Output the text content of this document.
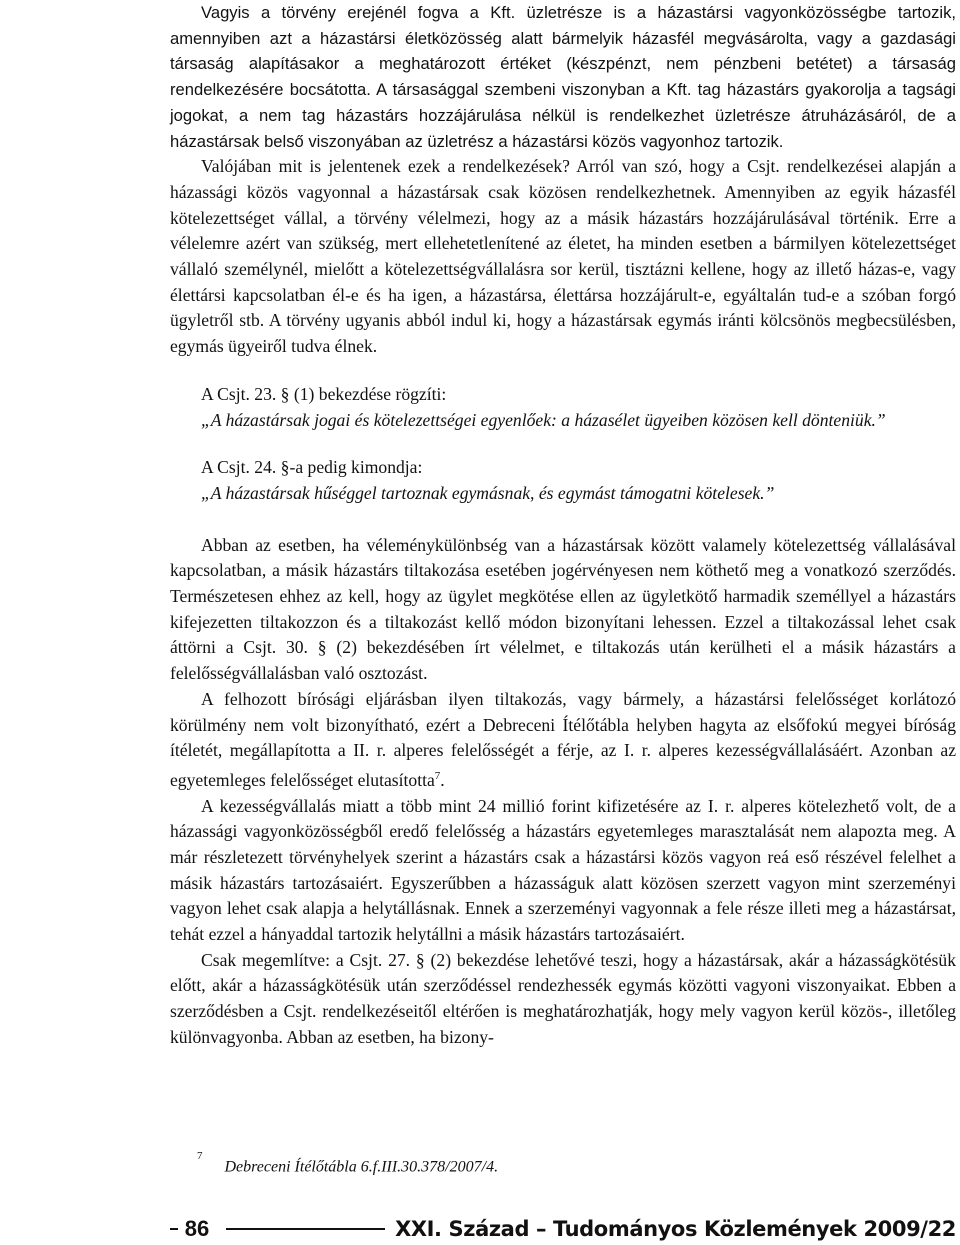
Vagyis a törvény erejénél fogva a Kft. üzletrésze is a házastársi vagyonközösségbe tartozik, amennyiben azt a házastársi életközösség alatt bármelyik házasfél megvásárolta, vagy a gazdasági társaság alapításakor a meghatározott értéket (készpénzt, nem pénzbeni betétet) a társaság rendelkezésére bocsátotta. A társasággal szembeni viszonyban a Kft. tag házastárs gyakorolja a tagsági jogokat, a nem tag házastárs hozzájárulása nélkül is rendelkezhet üzletrésze átruházásáról, de a házastársak belső viszonyában az üzletrész a házastársi közös vagyonhoz tartozik.

Valójában mit is jelentenek ezek a rendelkezések? Arról van szó, hogy a Csjt. rendelkezései alapján a házassági közös vagyonnal a házastársak csak közösen rendelkezhetnek. Amennyiben az egyik házasfél kötelezettséget vállal, a törvény vélelmezi, hogy az a másik házastárs hozzájárulásával történik. Erre a vélelemre azért van szükség, mert ellehetetlenítené az életet, ha minden esetben a bármilyen kötelezettséget vállaló személynél, mielőtt a kötelezettségvállalásra sor kerül, tisztázni kellene, hogy az illető házas-e, vagy élettársi kapcsolatban él-e és ha igen, a házastársa, élettársa hozzájárult-e, egyáltalán tud-e a szóban forgó ügyletről stb. A törvény ugyanis abból indul ki, hogy a házastársak egymás iránti kölcsönös megbecsülésben, egymás ügyeiről tudva élnek.

A Csjt. 23. § (1) bekezdése rögzíti:

„A házastársak jogai és kötelezettségei egyenlőek: a házasélet ügyeiben közösen kell dönteniük.”

A Csjt. 24. §-a pedig kimondja:

„A házastársak hűséggel tartoznak egymásnak, és egymást támogatni kötelesek.”

Abban az esetben, ha véleménykülönbség van a házastársak között valamely kötelezettség vállalásával kapcsolatban, a másik házastárs tiltakozása esetében jogérvényesen nem köthető meg a vonatkozó szerződés. Természetesen ehhez az kell, hogy az ügylet megkötése ellen az ügyletkötő harmadik személlyel a házastárs kifejezetten tiltakozzon és a tiltakozást kellő módon bizonyítani lehessen. Ezzel a tiltakozással lehet csak áttörni a Csjt. 30. § (2) bekezdésében írt vélelmet, e tiltakozás után kerülheti el a másik házastárs a felelősségvállalásban való osztozást.

A felhozott bírósági eljárásban ilyen tiltakozás, vagy bármely, a házastársi felelősséget korlátozó körülmény nem volt bizonyítható, ezért a Debreceni Ítélőtábla helyben hagyta az elsőfokú megyei bíróság ítéletét, megállapította a II. r. alperes felelősségét a férje, az I. r. alperes kezességvállalásáért. Azonban az egyetemleges felelősséget elutasította$^7$.

A kezességvállalás miatt a több mint 24 millió forint kifizetésére az I. r. alperes kötelezhető volt, de a házassági vagyonközösségből eredő felelősség a házastárs egyetemleges marasztalását nem alapozta meg. A már részletezett törvényhelyek szerint a házastárs csak a házastársi közös vagyon reá eső részével felelhet a másik házastárs tartozásaiért. Egyszerűbben a házasságuk alatt közösen szerzett vagyon mint szerzeményi vagyon lehet csak alapja a helytállásnak. Ennek a szerzeményi vagyonnak a fele része illeti meg a házastársat, tehát ezzel a hányaddal tartozik helytállni a másik házastárs tartozásaiért.

Csak megemlítve: a Csjt. 27. § (2) bekezdése lehetővé teszi, hogy a házastársak, akár a házasságkötésük előtt, akár a házasságkötésük után szerződéssel rendezhessék egymás közötti vagyoni viszonyaikat. Ebben a szerződésben a Csjt. rendelkezéseitől eltérően is meghatározhatják, hogy mely vagyon kerül közös-, illetőleg különvagyonba. Abban az esetben, ha bizony-

$^7$Debreceni Ítélőtábla 6.f.III.30.378/2007/4.
86	XXI. Század – Tudományos Közlemények 2009/22
